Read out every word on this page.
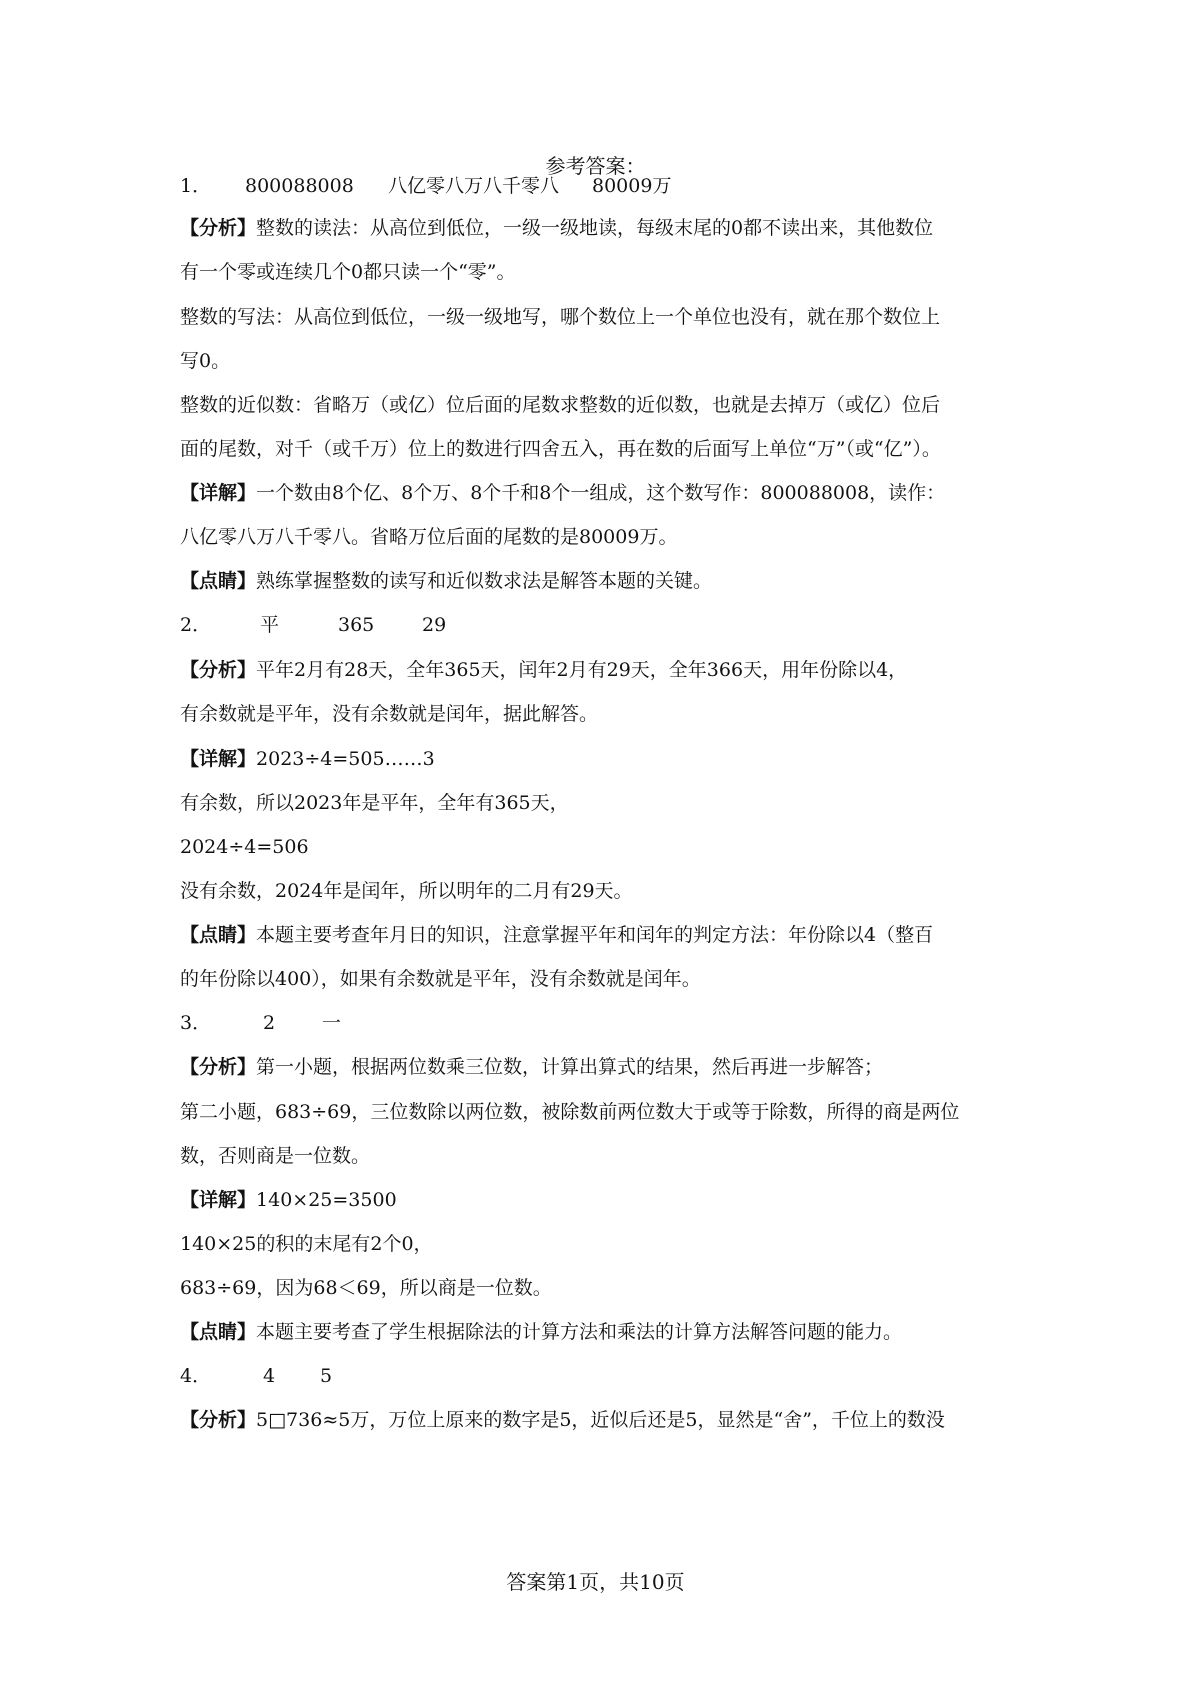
参考答案：
1． 800088008 八亿零八万八千零八 80009万
【分析】整数的读法：从高位到低位，一级一级地读，每级末尾的0都不读出来，其他数位
有一个零或连续几个0都只读一个“零”。
整数的写法：从高位到低位，一级一级地写，哪个数位上一个单位也没有，就在那个数位上
写0。
整数的近似数：省略万（或亿）位后面的尾数求整数的近似数，也就是去掉万（或亿）位后
面的尾数，对千（或千万）位上的数进行四舍五入，再在数的后面写上单位“万”（或“亿”）。
【详解】一个数由8个亿、8个万、8个千和8个一组成，这个数写作：800088008，读作：
八亿零八万八千零八。省略万位后面的尾数的是80009万。
【点睛】熟练掌握整数的读写和近似数求法是解答本题的关键。
2．	平	365	29
【分析】平年2月有28天，全年365天，闰年2月有29天，全年366天，用年份除以4，
有余数就是平年，没有余数就是闰年，据此解答。
【详解】2023÷4=505……3
有余数，所以2023年是平年，全年有365天，
2024÷4=506
没有余数，2024年是闰年，所以明年的二月有29天。
【点睛】本题主要考查年月日的知识，注意掌握平年和闰年的判定方法：年份除以4（整百
的年份除以400），如果有余数就是平年，没有余数就是闰年。
3．	2 一
【分析】第一小题，根据两位数乘三位数，计算出算式的结果，然后再进一步解答；
第二小题，683÷69，三位数除以两位数，被除数前两位数大于或等于除数，所得的商是两位
数，否则商是一位数。
【详解】140×25=3500
140×25的积的末尾有2个0，
683÷69，因为68＜69，所以商是一位数。
【点睛】本题主要考查了学生根据除法的计算方法和乘法的计算方法解答问题的能力。
4．	4 5
【分析】5□736≈5万，万位上原来的数字是5，近似后还是5，显然是“舍”，千位上的数没
答案第1页，共10页
